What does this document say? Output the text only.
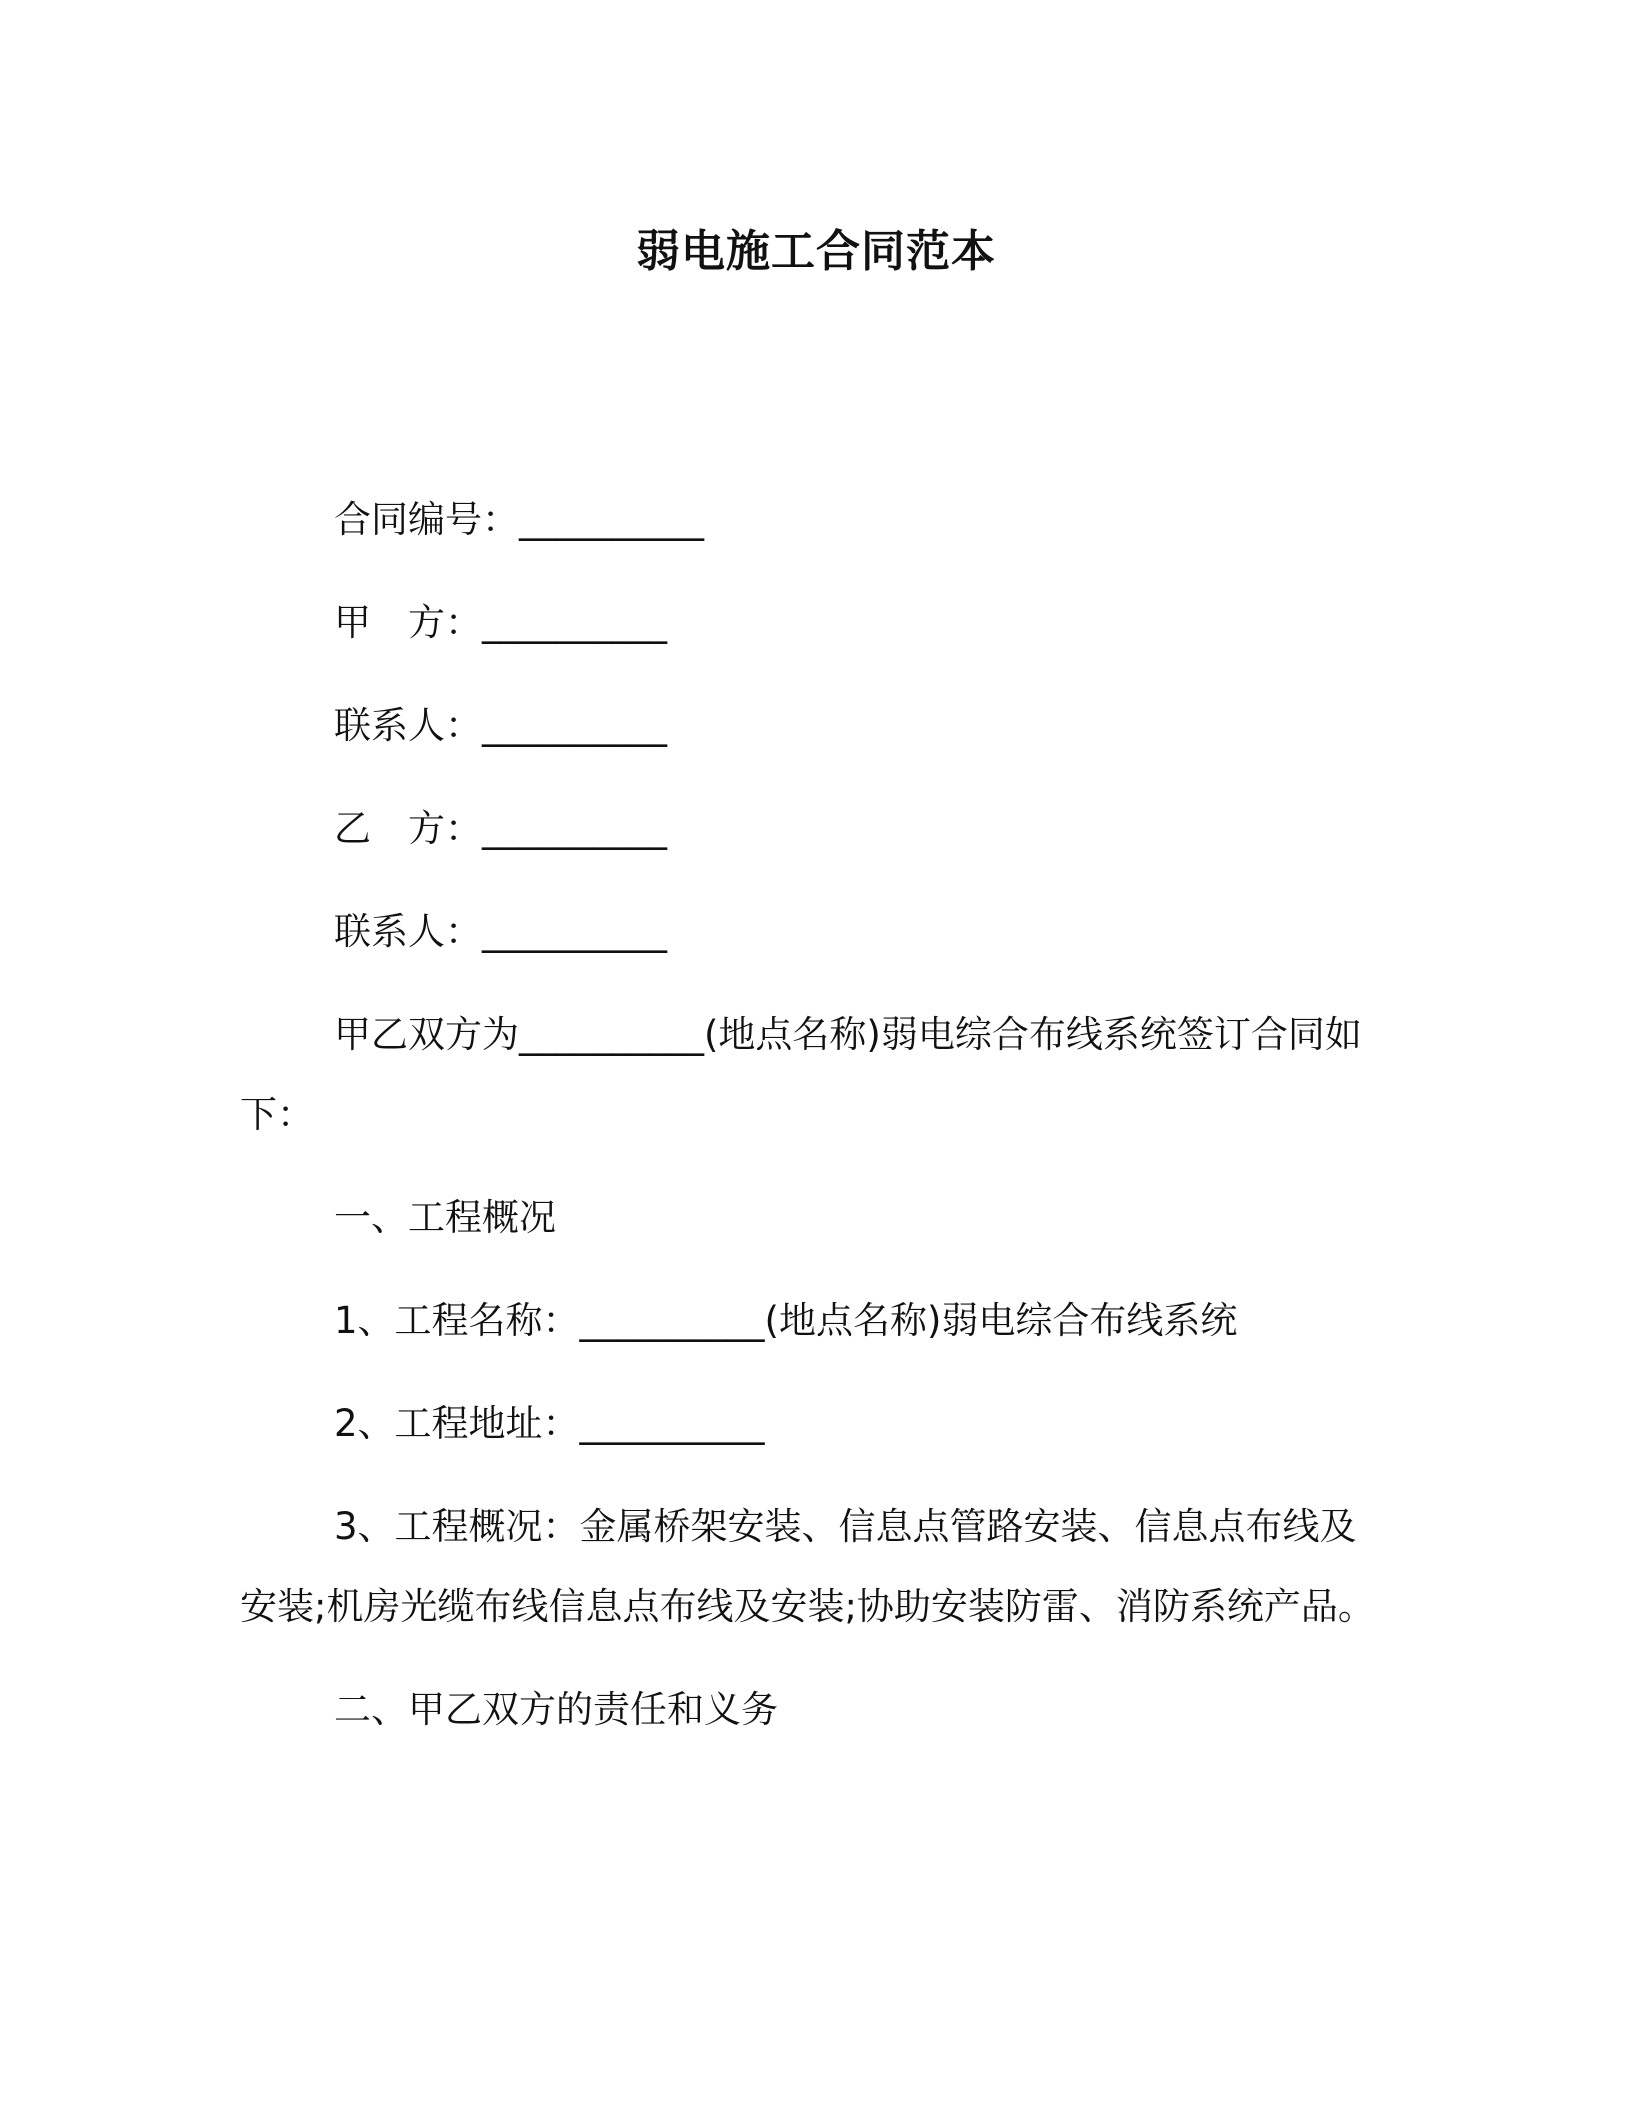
弱电施工合同范本
合同编号：__________
甲 方：__________
联系人：__________
乙 方：__________
联系人：__________
甲乙双方为__________(地点名称)弱电综合布线系统签订合同如
下：
一、工程概况
1、工程名称：__________(地点名称)弱电综合布线系统
2、工程地址：__________
3、工程概况：金属桥架安装、信息点管路安装、信息点布线及
安装;机房光缆布线信息点布线及安装;协助安装防雷、消防系统产品。
二、甲乙双方的责任和义务
